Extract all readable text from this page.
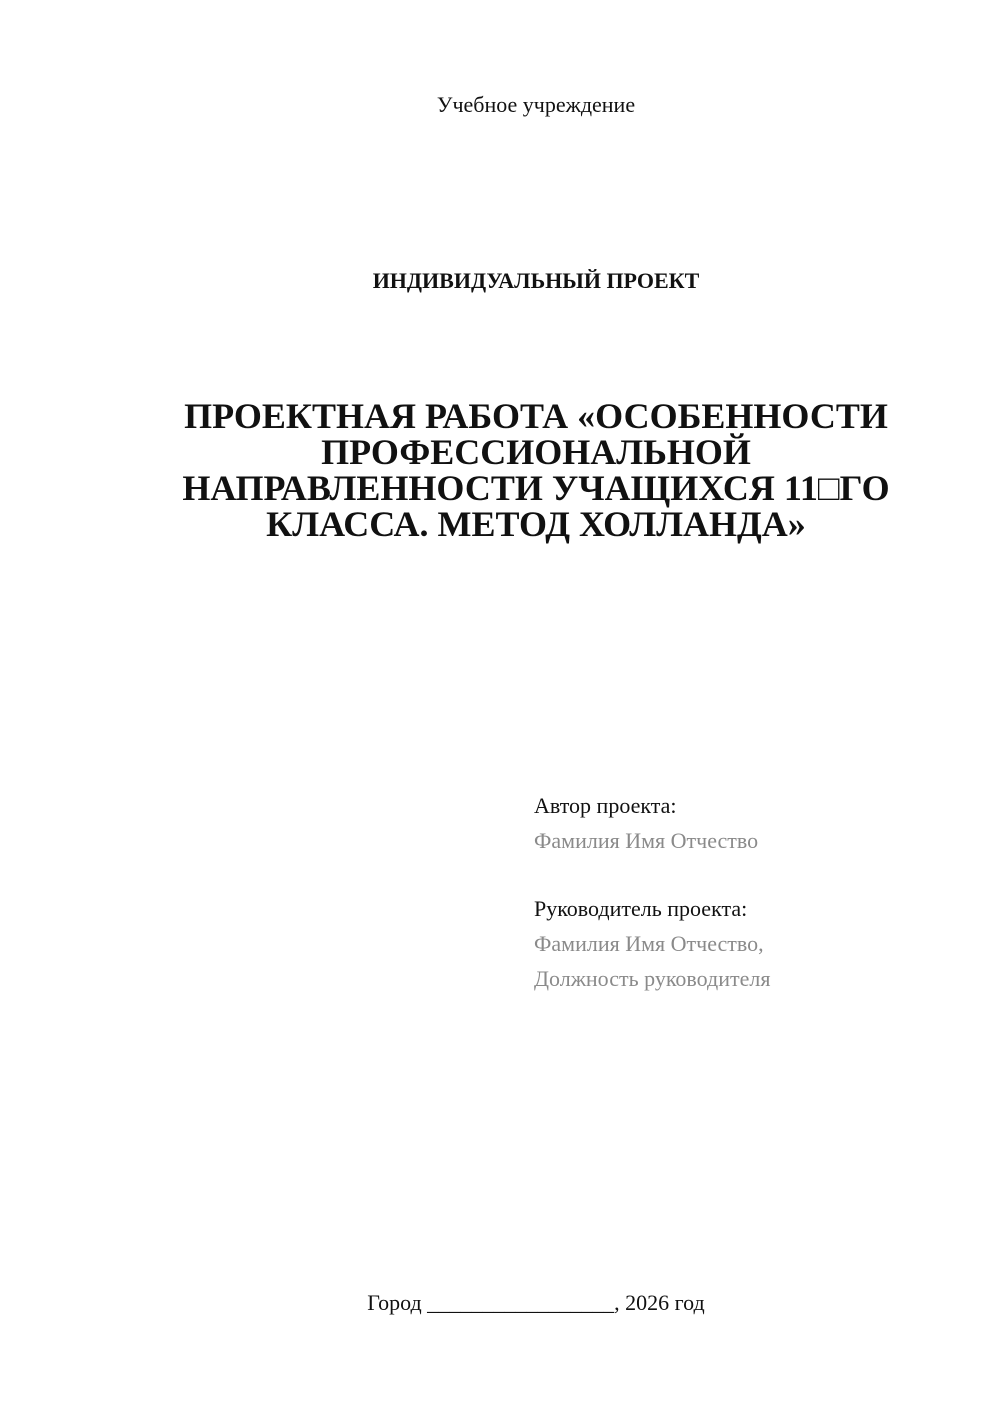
Учебное учреждение
ИНДИВИДУАЛЬНЫЙ ПРОЕКТ
ПРОЕКТНАЯ РАБОТА «ОСОБЕННОСТИ
ПРОФЕССИОНАЛЬНОЙ
НАПРАВЛЕННОСТИ УЧАЩИХСЯ 11□ГО
КЛАССА. МЕТОД ХОЛЛАНДА»
Автор проекта:
Фамилия Имя Отчество
Руководитель проекта:
Фамилия Имя Отчество,
Должность руководителя
Город _________________, 2026 год
